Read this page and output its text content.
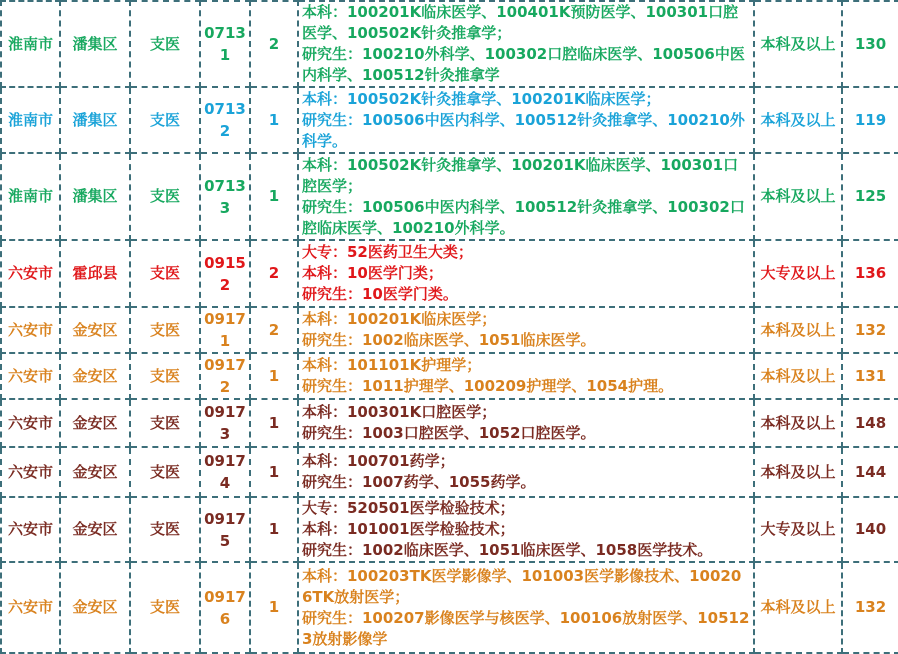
淮南市	潘集区	支医	07131	2	本科：100201K临床医学、100401K预防医学、100301口腔医学、100502K针灸推拿学；
研究生：100210外科学、100302口腔临床医学、100506中医内科学、100512针灸推拿学	本科及以上	130
淮南市	潘集区	支医	07132	1	本科：100502K针灸推拿学、100201K临床医学；
研究生：100506中医内科学、100512针灸推拿学、100210外科学。	本科及以上	119
淮南市	潘集区	支医	07133	1	本科：100502K针灸推拿学、100201K临床医学、100301口腔医学；
研究生：100506中医内科学、100512针灸推拿学、100302口腔临床医学、100210外科学。	本科及以上	125
六安市	霍邱县	支医	09152	2	大专：52医药卫生大类；
本科：10医学门类；
研究生：10医学门类。	大专及以上	136
六安市	金安区	支医	09171	2	本科：100201K临床医学；
研究生：1002临床医学、1051临床医学。	本科及以上	132
六安市	金安区	支医	09172	1	本科：101101K护理学；
研究生：1011护理学、100209护理学、1054护理。	本科及以上	131
六安市	金安区	支医	09173	1	本科：100301K口腔医学；
研究生：1003口腔医学、1052口腔医学。	本科及以上	148
六安市	金安区	支医	09174	1	本科：100701药学；
研究生：1007药学、1055药学。	本科及以上	144
六安市	金安区	支医	09175	1	大专：520501医学检验技术；
本科：101001医学检验技术；
研究生：1002临床医学、1051临床医学、1058医学技术。	大专及以上	140
六安市	金安区	支医	09176	1	本科：100203TK医学影像学、101003医学影像技术、100206TK放射医学；
研究生：100207影像医学与核医学、100106放射医学、105123放射影像学	本科及以上	132
